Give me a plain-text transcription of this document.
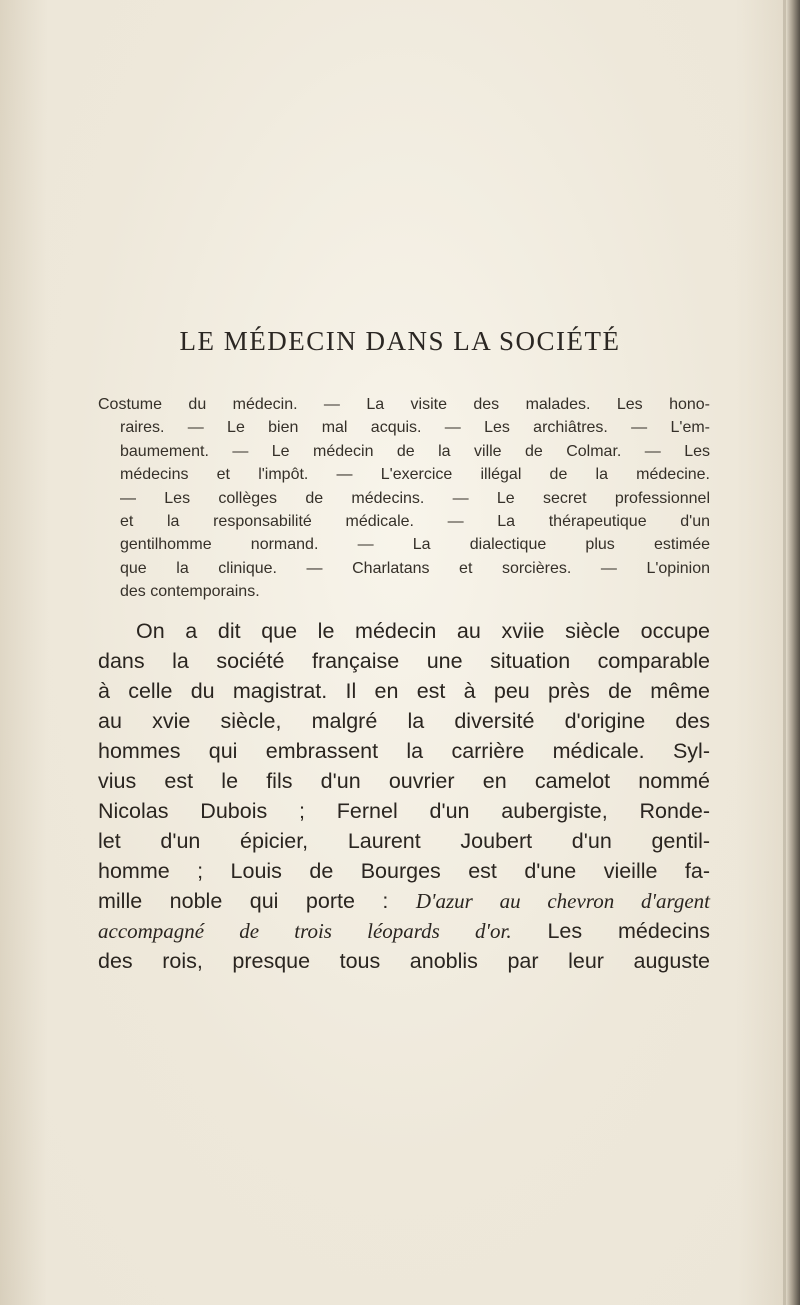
LE MÉDECIN DANS LA SOCIÉTÉ
Costume du médecin. — La visite des malades. Les hono-
raires. — Le bien mal acquis. — Les archiâtres. — L'em-
baumement. — Le médecin de la ville de Colmar. — Les
médecins et l'impôt. — L'exercice illégal de la médecine.
— Les collèges de médecins. — Le secret professionnel
et la responsabilité médicale. — La thérapeutique d'un
gentilhomme normand. — La dialectique plus estimée
que la clinique. — Charlatans et sorcières. — L'opinion
des contemporains.
On a dit que le médecin au xviie siècle occupe
dans la société française une situation comparable
à celle du magistrat. Il en est à peu près de même
au xvie siècle, malgré la diversité d'origine des
hommes qui embrassent la carrière médicale. Syl-
vius est le fils d'un ouvrier en camelot nommé
Nicolas Dubois ; Fernel d'un aubergiste, Ronde-
let d'un épicier, Laurent Joubert d'un gentil-
homme ; Louis de Bourges est d'une vieille fa-
mille noble qui porte : D'azur au chevron d'argent
accompagné de trois léopards d'or. Les médecins
des rois, presque tous anoblis par leur auguste
